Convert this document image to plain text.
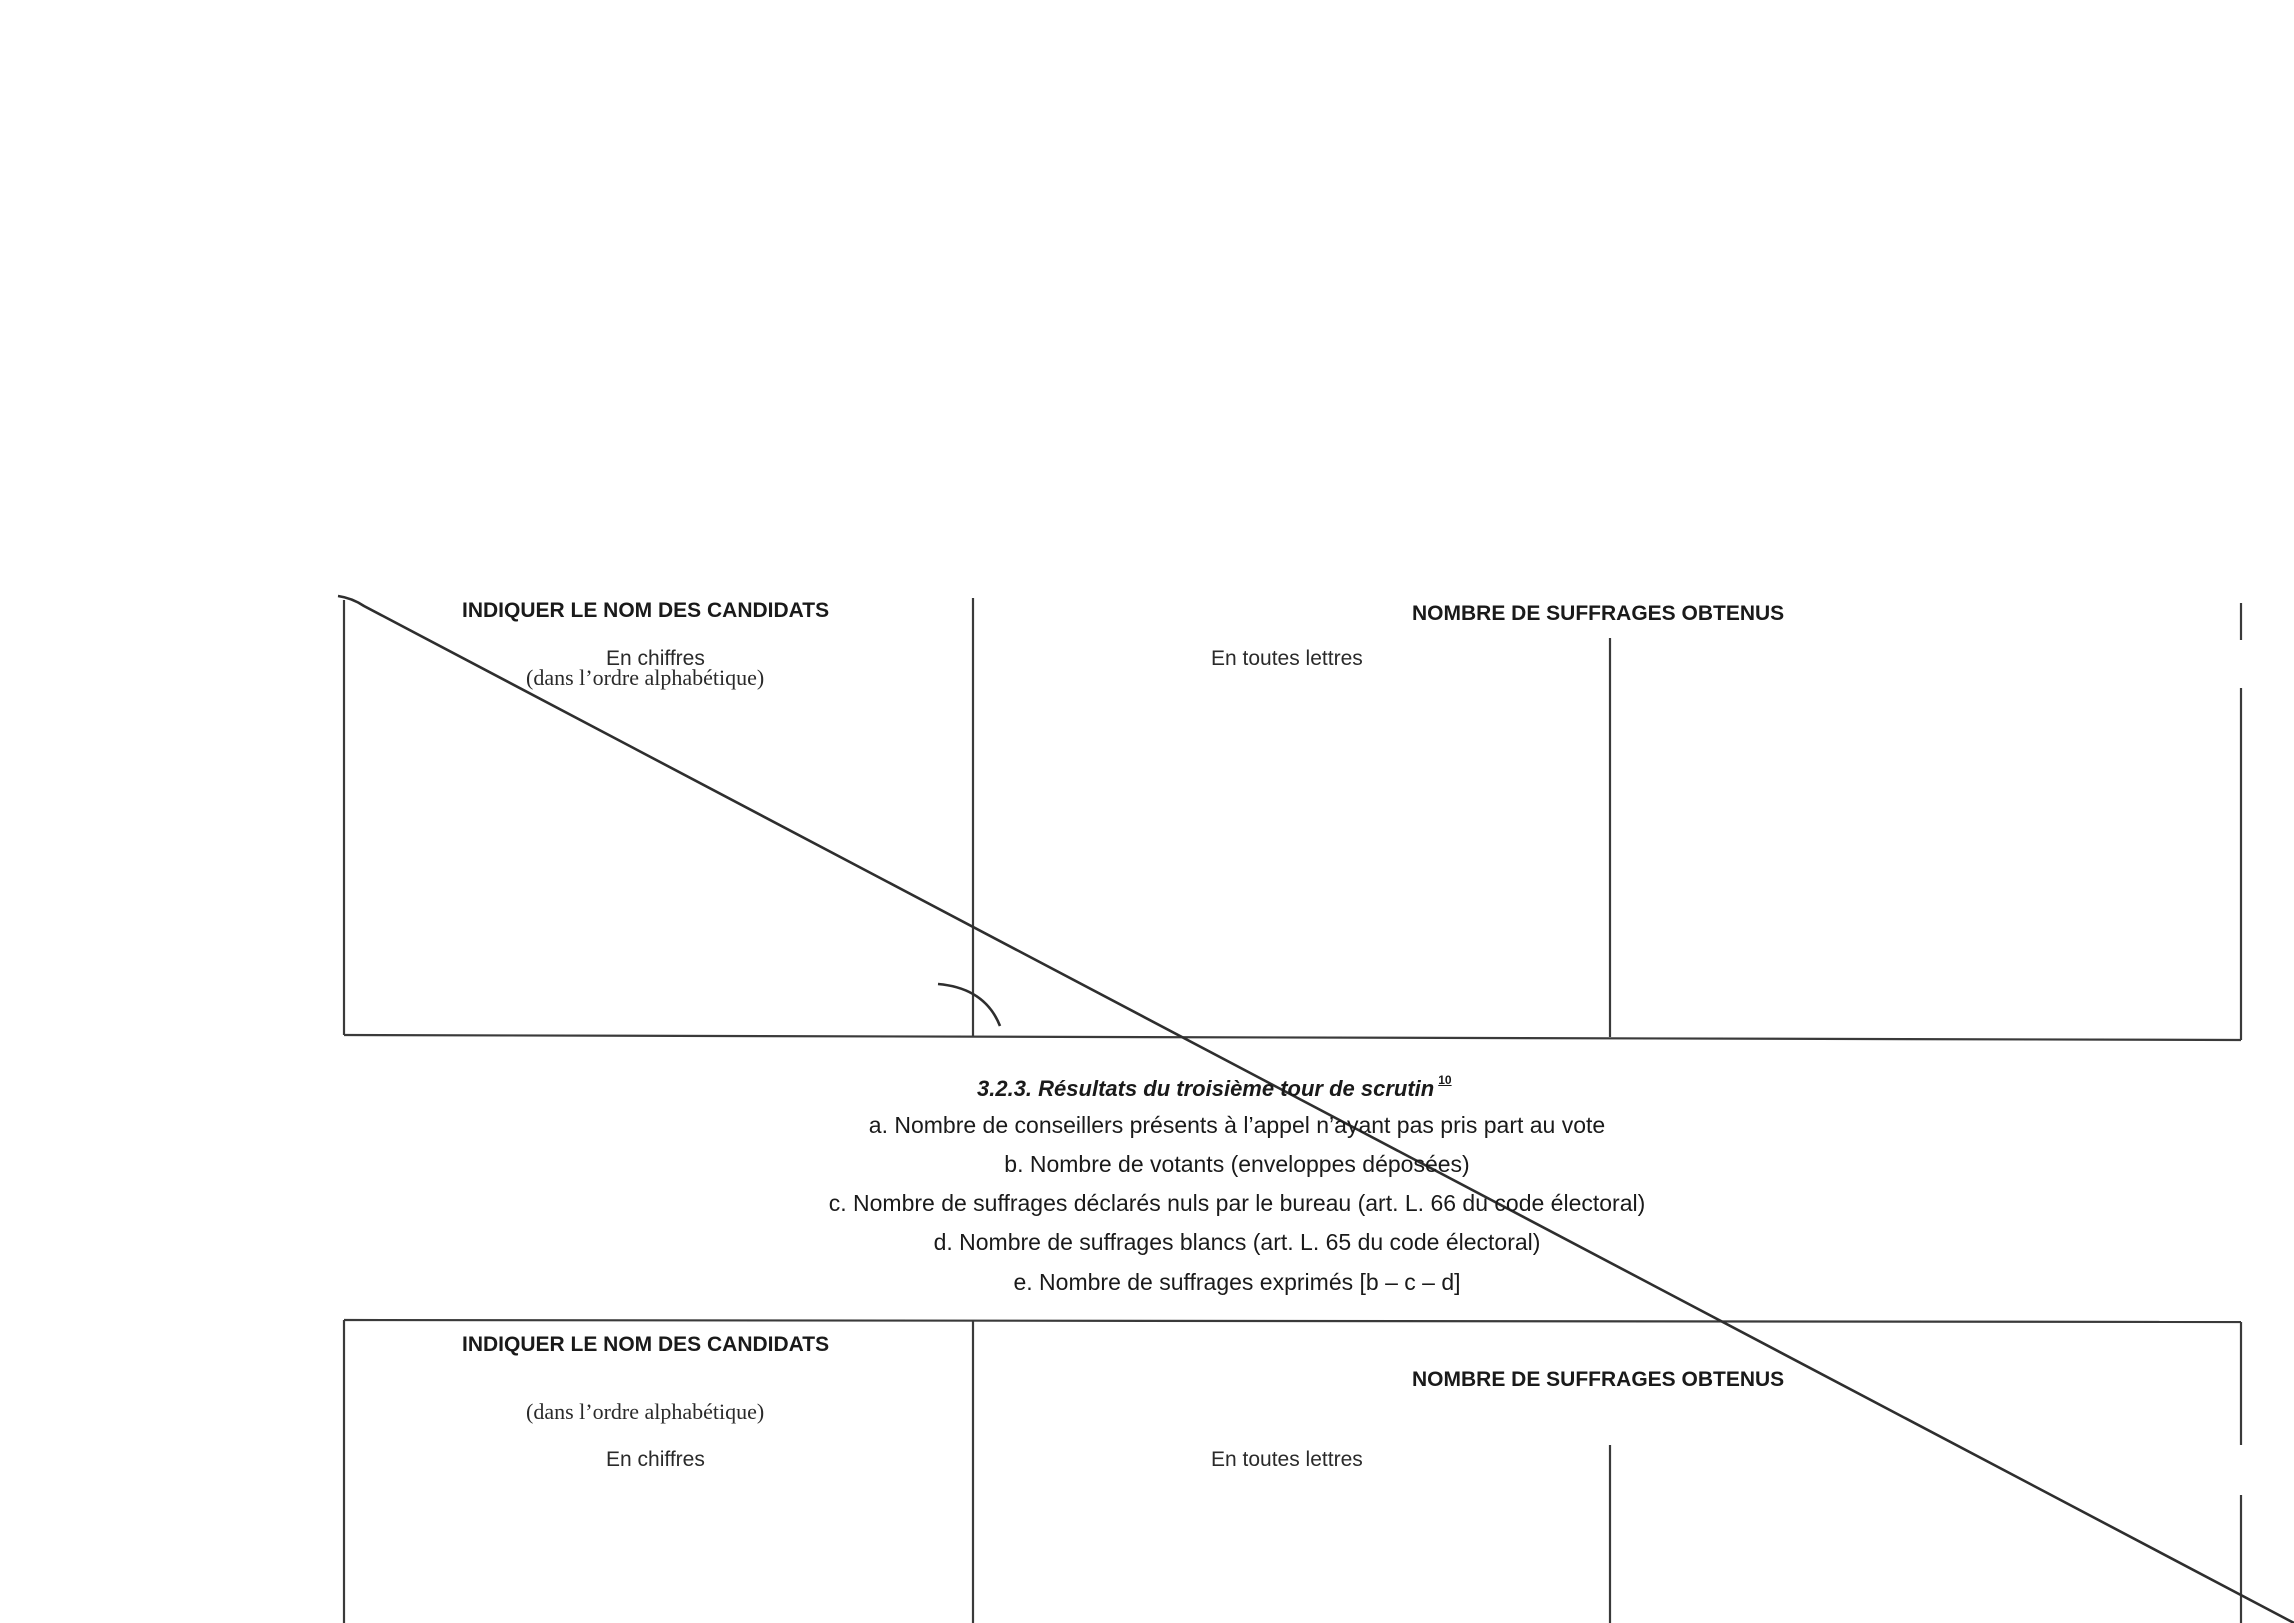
INDIQUER LE NOM DES CANDIDATS
En chiffres
(dans l’ordre alphabétique)
NOMBRE DE SUFFRAGES OBTENUS
En toutes lettres
3.2.3. Résultats du troisième tour de scrutin $^{10}$
a. Nombre de conseillers présents à l’appel n’ayant pas pris part au vote
b. Nombre de votants (enveloppes déposées)
c. Nombre de suffrages déclarés nuls par le bureau (art. L. 66 du code électoral)
d. Nombre de suffrages blancs (art. L. 65 du code électoral)
e. Nombre de suffrages exprimés [b – c – d]
INDIQUER LE NOM DES CANDIDATS
(dans l’ordre alphabétique)
En chiffres
NOMBRE DE SUFFRAGES OBTENUS
En toutes lettres
